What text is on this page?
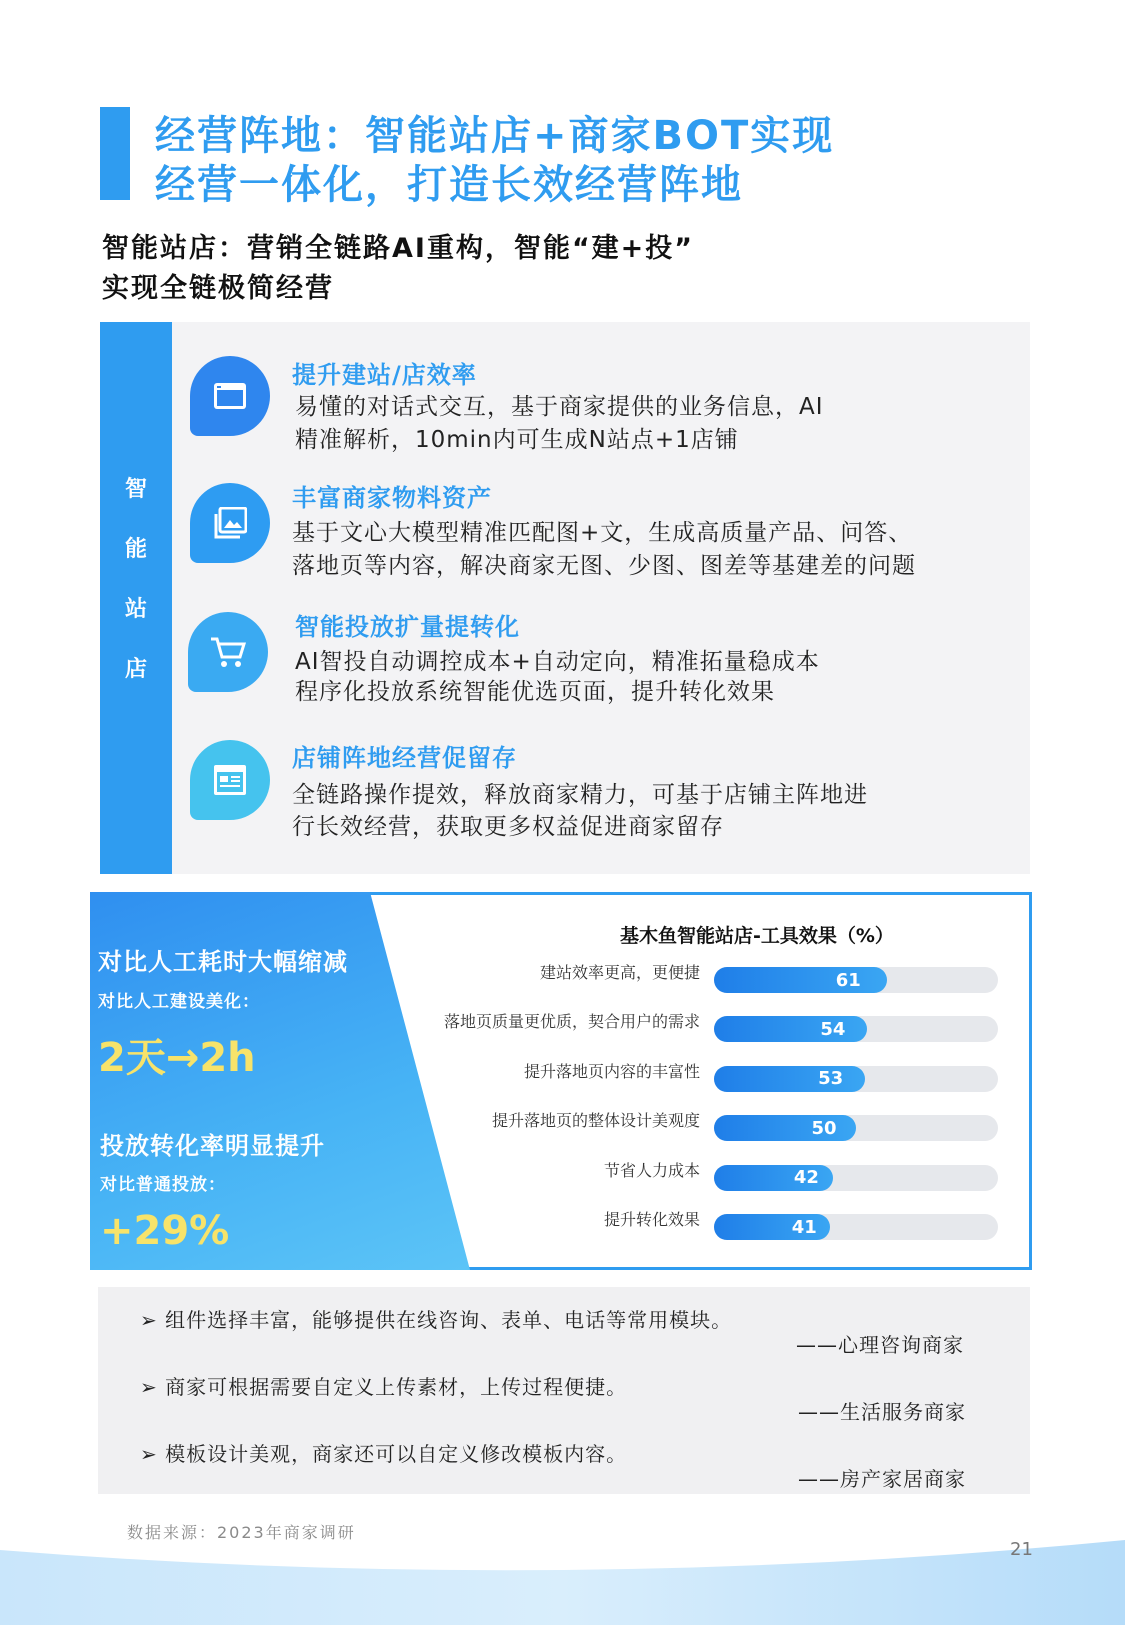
经营阵地：智能站店+商家BOT实现
经营一体化，打造长效经营阵地
智能站店：营销全链路AI重构，智能“建+投”
实现全链极简经营
智
能
站
店
提升建站/店效率
易懂的对话式交互，基于商家提供的业务信息，AI
精准解析，10min内可生成N站点+1店铺
丰富商家物料资产
基于文心大模型精准匹配图+文，生成高质量产品、问答、
落地页等内容，解决商家无图、少图、图差等基建差的问题
智能投放扩量提转化
AI智投自动调控成本+自动定向，精准拓量稳成本
程序化投放系统智能优选页面，提升转化效果
店铺阵地经营促留存
全链路操作提效，释放商家精力，可基于店铺主阵地进
行长效经营，获取更多权益促进商家留存
对比人工耗时大幅缩减
对比人工建设美化：
2天→2h
投放转化率明显提升
对比普通投放：
+29%
基木鱼智能站店-工具效果（%）
建站效率更高，更便捷
落地页质量更优质，契合用户的需求
提升落地页内容的丰富性
提升落地页的整体设计美观度
节省人力成本
提升转化效果
61
54
53
50
42
41
➢ 组件选择丰富，能够提供在线咨询、表单、电话等常用模块。
——心理咨询商家
➢ 商家可根据需要自定义上传素材，上传过程便捷。
——生活服务商家
➢ 模板设计美观，商家还可以自定义修改模板内容。
——房产家居商家
数据来源：2023年商家调研
21
